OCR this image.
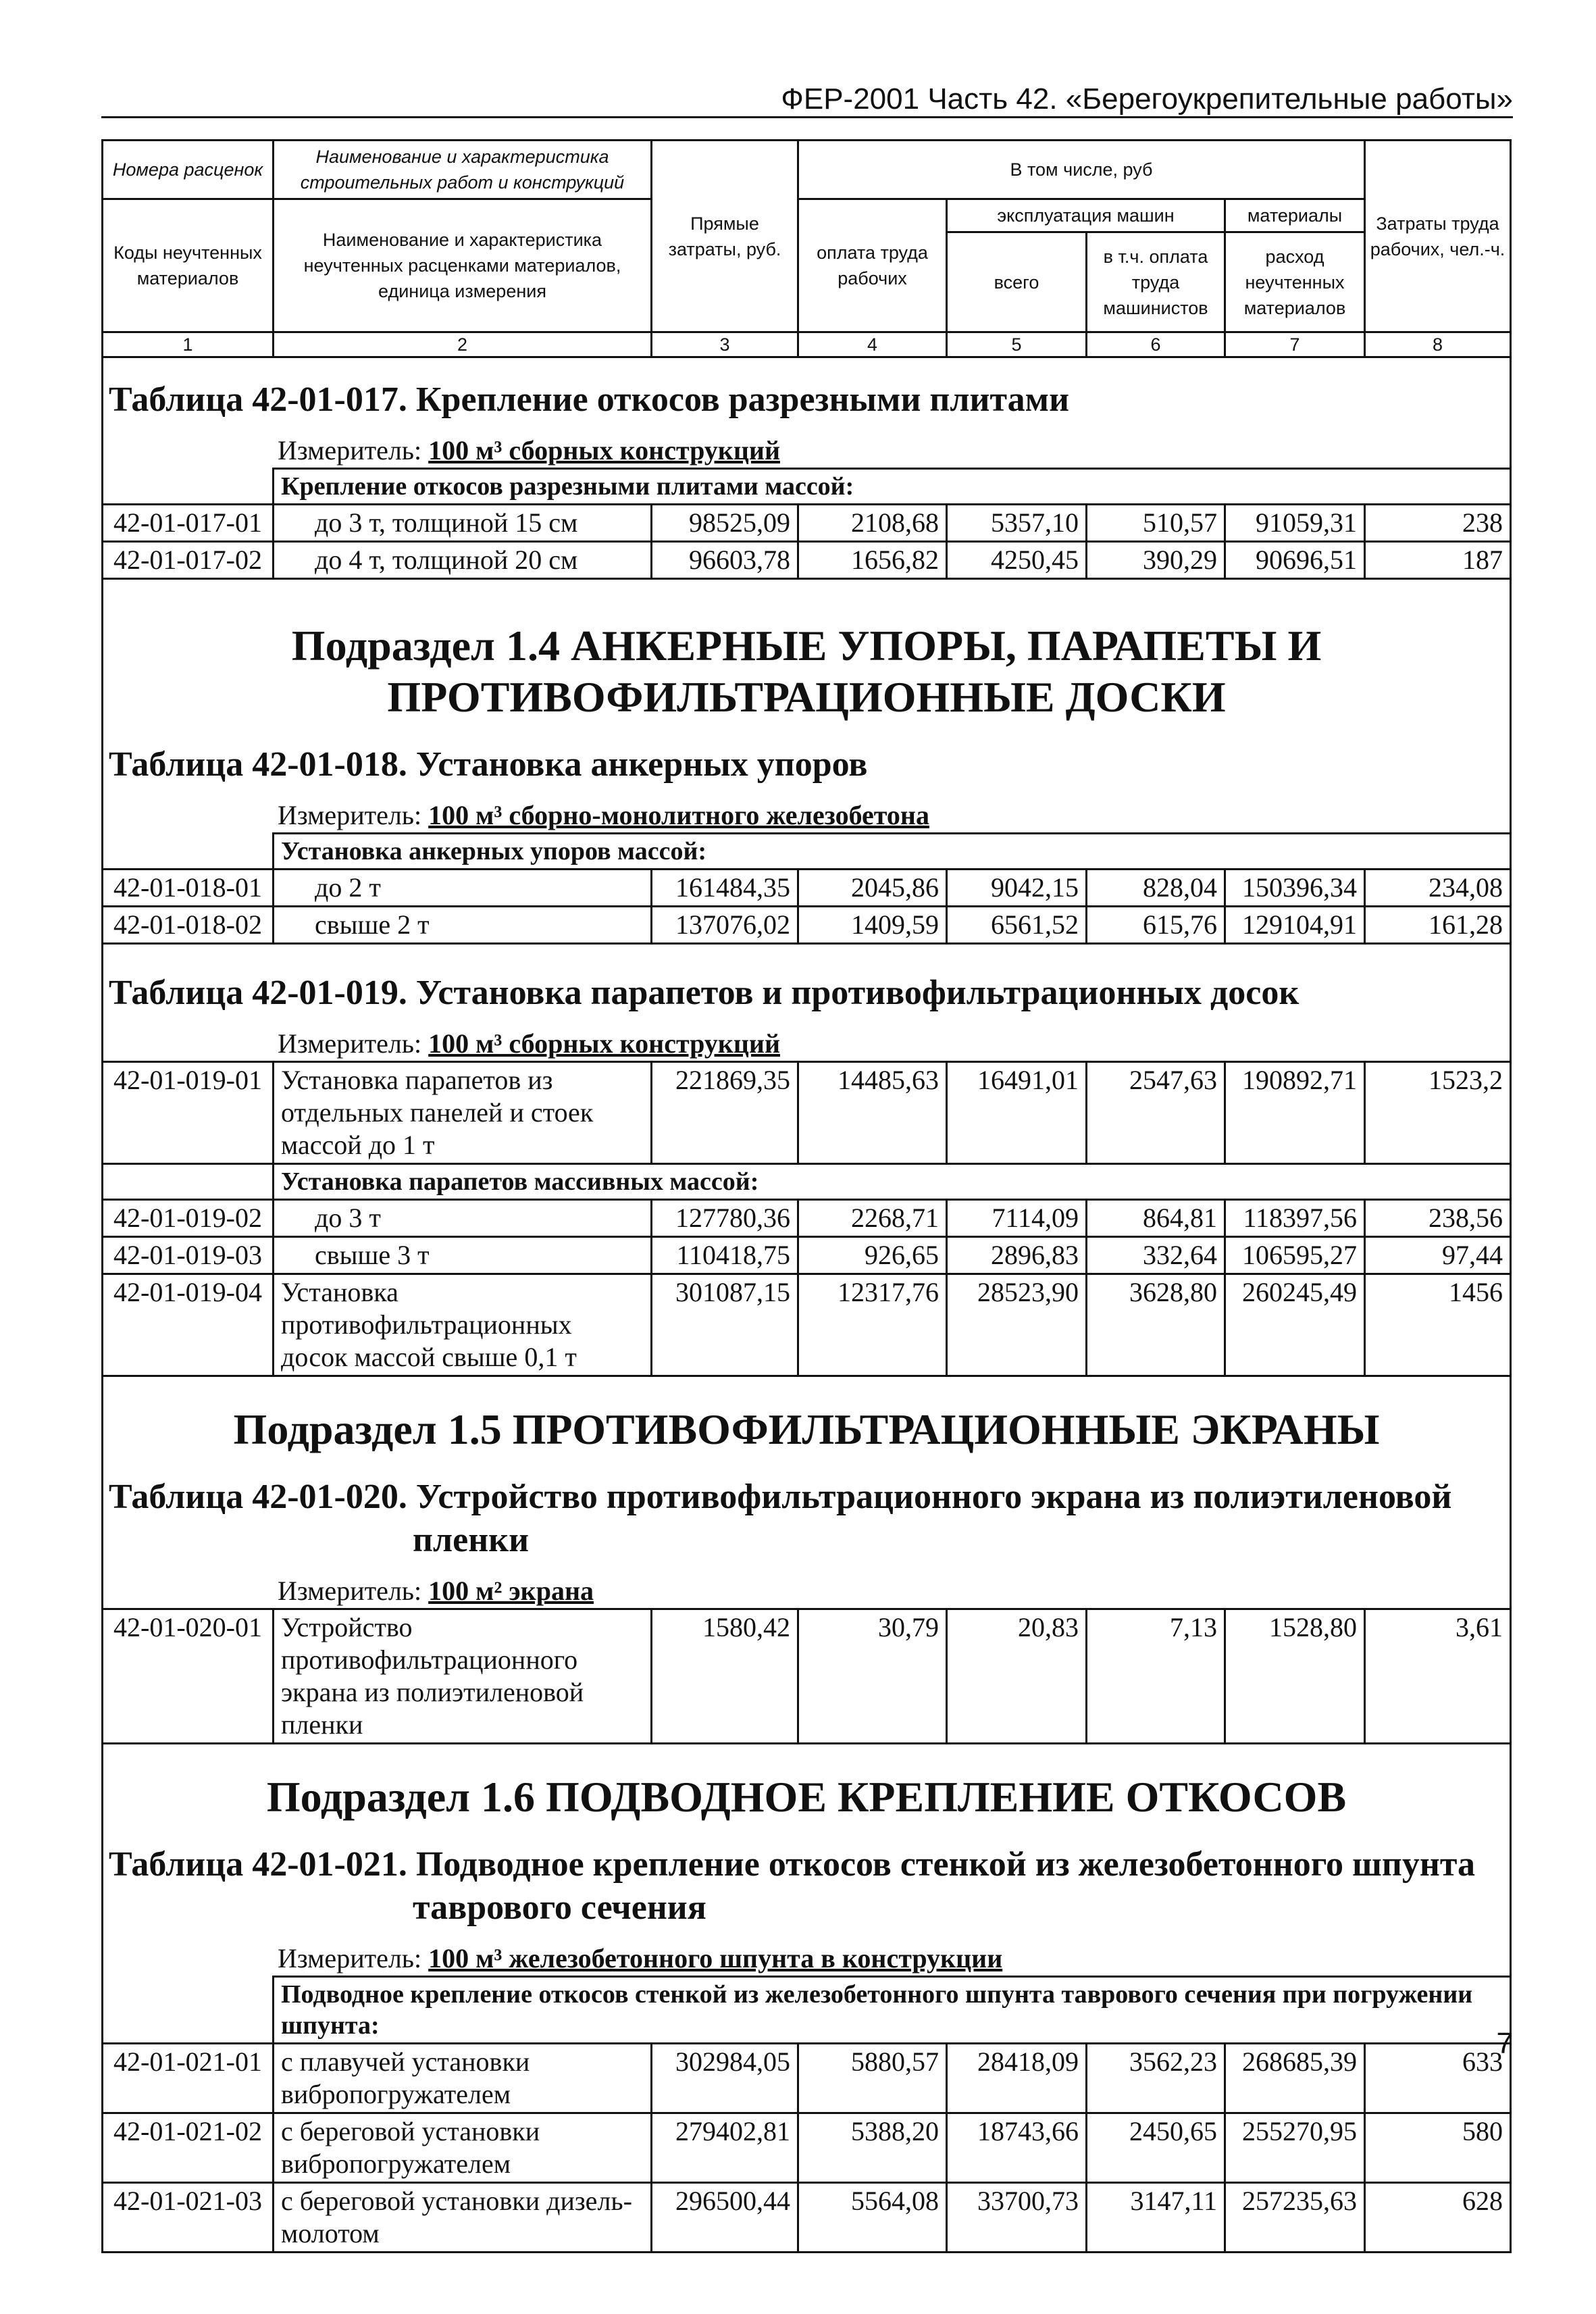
ФЕР-2001 Часть 42. «Берегоукрепительные работы»
Номера расценок	Наименование и характеристика строительных работ и конструкций	Прямые затраты, руб.	В том числе, руб				Затраты труда рабочих, чел.-ч.
Коды неучтенных материалов	Наименование и характеристика неучтенных расценками материалов, единица измерения		оплата труда рабочих	эксплуатация машин		материалы	
				всего	в т.ч. оплата труда машинистов	расход неучтенных материалов	
1	2	3	4	5	6	7	8
Таблица 42-01-017. Крепление откосов разрезными плитами							
Измеритель: 100 м³ сборных конструкций							
	Крепление откосов разрезными плитами массой:						
42-01-017-01	до 3 т, толщиной 15 см	98525,09	2108,68	5357,10	510,57	91059,31	238
42-01-017-02	до 4 т, толщиной 20 см	96603,78	1656,82	4250,45	390,29	90696,51	187
Подраздел 1.4 АНКЕРНЫЕ УПОРЫ, ПАРАПЕТЫ И ПРОТИВОФИЛЬТРАЦИОННЫЕ ДОСКИ							
Таблица 42-01-018. Установка анкерных упоров							
Измеритель: 100 м³ сборно-монолитного железобетона							
	Установка анкерных упоров массой:						
42-01-018-01	до 2 т	161484,35	2045,86	9042,15	828,04	150396,34	234,08
42-01-018-02	свыше 2 т	137076,02	1409,59	6561,52	615,76	129104,91	161,28
Таблица 42-01-019. Установка парапетов и противофильтрационных досок							
Измеритель: 100 м³ сборных конструкций							
42-01-019-01	Установка парапетов из отдельных панелей и стоек массой до 1 т	221869,35	14485,63	16491,01	2547,63	190892,71	1523,2
	Установка парапетов массивных массой:						
42-01-019-02	до 3 т	127780,36	2268,71	7114,09	864,81	118397,56	238,56
42-01-019-03	свыше 3 т	110418,75	926,65	2896,83	332,64	106595,27	97,44
42-01-019-04	Установка противофильтрационных досок массой свыше 0,1 т	301087,15	12317,76	28523,90	3628,80	260245,49	1456
Подраздел 1.5 ПРОТИВОФИЛЬТРАЦИОННЫЕ ЭКРАНЫ							
Таблица 42-01-020. Устройство противофильтрационного экрана из полиэтиленовой
пленки							

Измеритель: 100 м² экрана							
42-01-020-01	Устройство противофильтрационного экрана из полиэтиленовой пленки	1580,42	30,79	20,83	7,13	1528,80	3,61
Подраздел 1.6 ПОДВОДНОЕ КРЕПЛЕНИЕ ОТКОСОВ							
Таблица 42-01-021. Подводное крепление откосов стенкой из железобетонного шпунта
таврового сечения							

Измеритель: 100 м³ железобетонного шпунта в конструкции							
	Подводное крепление откосов стенкой из железобетонного шпунта таврового сечения при погружении шпунта:						
42-01-021-01	с плавучей установки вибропогружателем	302984,05	5880,57	28418,09	3562,23	268685,39	633
42-01-021-02	с береговой установки вибропогружателем	279402,81	5388,20	18743,66	2450,65	255270,95	580
42-01-021-03	с береговой установки дизель-молотом	296500,44	5564,08	33700,73	3147,11	257235,63	628
7
